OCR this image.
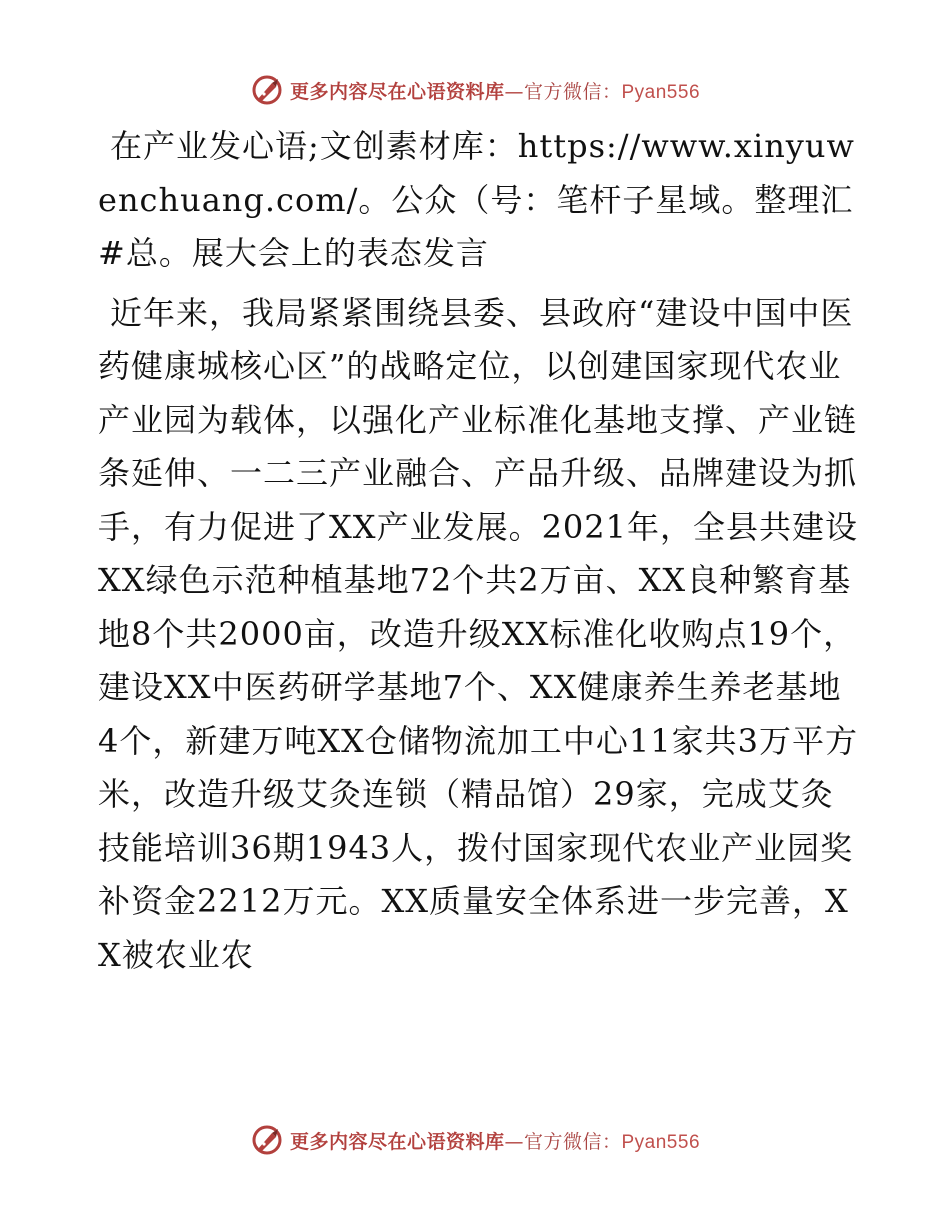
更多内容尽在心语资料库—官方微信：Pyan556

在产业发心语;文创素材库：https://www.xinyuwenchuang.com/。公众（号：笔杆子星域。整理汇#总。展大会上的表态发言

近年来，我局紧紧围绕县委、县政府“建设中国中医药健康城核心区”的战略定位，以创建国家现代农业产业园为载体，以强化产业标准化基地支撑、产业链条延伸、一二三产业融合、产品升级、品牌建设为抓手，有力促进了XX产业发展。2021年，全县共建设XX绿色示范种植基地72个共2万亩、XX良种繁育基地8个共2000亩，改造升级XX标准化收购点19个，建设XX中医药研学基地7个、XX健康养生养老基地4个，新建万吨XX仓储物流加工中心11家共3万平方米，改造升级艾灸连锁（精品馆）29家，完成艾灸技能培训36期1943人，拨付国家现代农业产业园奖补资金2212万元。XX质量安全体系进一步完善，XX被农业农

更多内容尽在心语资料库—官方微信：Pyan556
